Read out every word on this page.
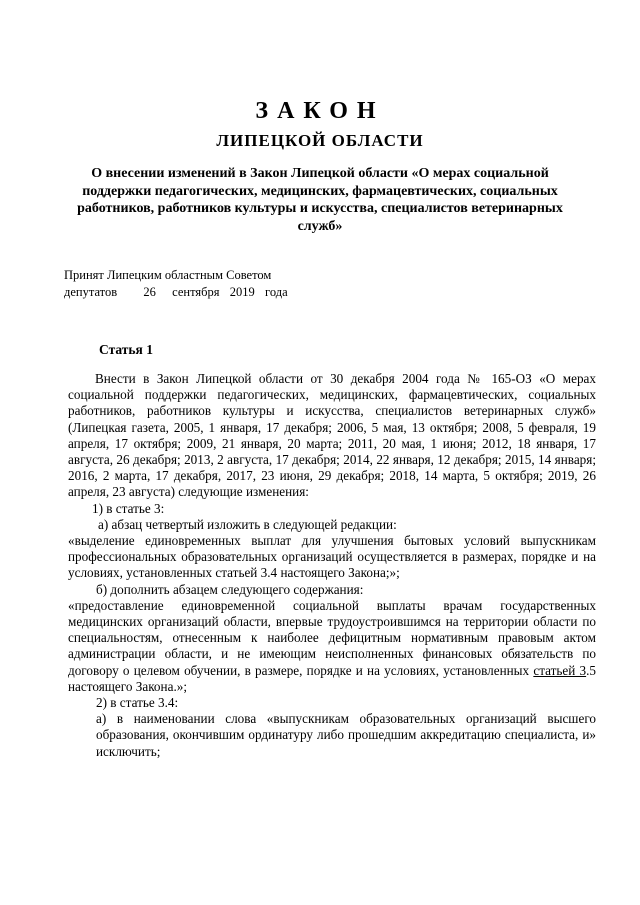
ЗАКОН
ЛИПЕЦКОЙ ОБЛАСТИ
О внесении изменений в Закон Липецкой области «О мерах социальной поддержки педагогических, медицинских, фармацевтических, социальных работников, работников культуры и искусства, специалистов ветеринарных служб»
Принят Липецким областным Советом
депутатов 26 сентября 2019 года
Статья 1

Внести в Закон Липецкой области от 30 декабря 2004 года № 165-ОЗ «О мерах социальной поддержки педагогических, медицинских, фармацевтических, социальных работников, работников культуры и искусства, специалистов ветеринарных служб» (Липецкая газета, 2005, 1 января, 17 декабря; 2006, 5 мая, 13 октября; 2008, 5 февраля, 19 апреля, 17 октября; 2009, 21 января, 20 марта; 2011, 20 мая, 1 июня; 2012, 18 января, 17 августа, 26 декабря; 2013, 2 августа, 17 декабря; 2014, 22 января, 12 декабря; 2015, 14 января; 2016, 2 марта, 17 декабря, 2017, 23 июня, 29 декабря; 2018, 14 марта, 5 октября; 2019, 26 апреля, 23 августа) следующие изменения:

1) в статье 3:

а) абзац четвертый изложить в следующей редакции:

«выделение единовременных выплат для улучшения бытовых условий выпускникам профессиональных образовательных организаций осуществляется в размерах, порядке и на условиях, установленных статьей 3.4 настоящего Закона;»;

б) дополнить абзацем следующего содержания:

«предоставление единовременной социальной выплаты врачам государственных медицинских организаций области, впервые трудоустроившимся на территории области по специальностям, отнесенным к наиболее дефицитным нормативным правовым актом администрации области, и не имеющим неисполненных финансовых обязательств по договору о целевом обучении, в размере, порядке и на условиях, установленных статьей 3.5 настоящего Закона.»;

2) в статье 3.4:

а) в наименовании слова «выпускникам образовательных организаций высшего образования, окончившим ординатуру либо прошедшим аккредитацию специалиста, и» исключить;
